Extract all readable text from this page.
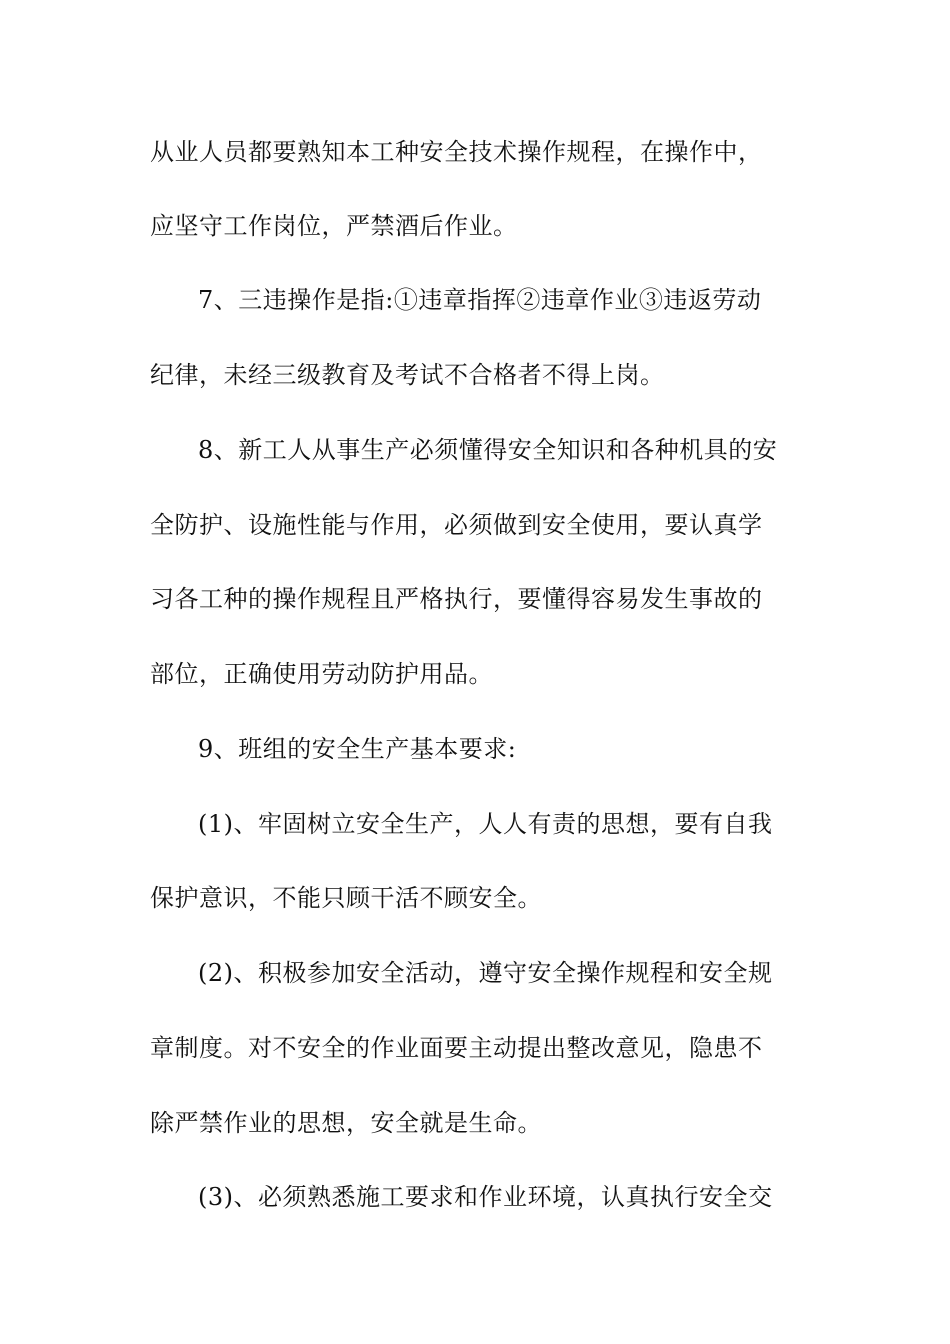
从业人员都要熟知本工种安全技术操作规程，在操作中，
应坚守工作岗位，严禁酒后作业。
7、三违操作是指:①违章指挥②违章作业③违返劳动
纪律，未经三级教育及考试不合格者不得上岗。
8、新工人从事生产必须懂得安全知识和各种机具的安
全防护、设施性能与作用，必须做到安全使用，要认真学
习各工种的操作规程且严格执行，要懂得容易发生事故的
部位，正确使用劳动防护用品。
9、班组的安全生产基本要求:
(1)、牢固树立安全生产，人人有责的思想，要有自我
保护意识，不能只顾干活不顾安全。
(2)、积极参加安全活动，遵守安全操作规程和安全规
章制度。对不安全的作业面要主动提出整改意见，隐患不
除严禁作业的思想，安全就是生命。
(3)、必须熟悉施工要求和作业环境，认真执行安全交
